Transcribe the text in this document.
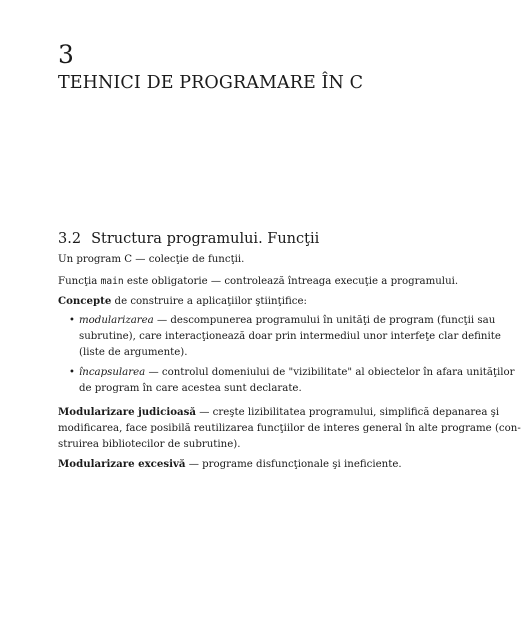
3
TEHNICI DE PROGRAMARE ÎN C
3.2 Structura programului. Funcţii
Un program C — colecţie de funcţii.
Funcţia main este obligatorie — controlează întreaga execuţie a programului.
Concepte de construire a aplicaţiilor ştiinţifice:
• modularizarea — descompunerea programului în unităţi de program (funcţii sau
subrutine), care interacţionează doar prin intermediul unor interfeţe clar definite
(liste de argumente).
• încapsularea — controlul domeniului de "vizibilitate" al obiectelor în afara unităţilor
de program în care acestea sunt declarate.
Modularizare judicioasă — creşte lizibilitatea programului, simplifică depanarea şi
modificarea, face posibilă reutilizarea funcţiilor de interes general în alte programe (con-
struirea bibliotecilor de subrutine).
Modularizare excesivă — programe disfuncţionale şi ineficiente.
